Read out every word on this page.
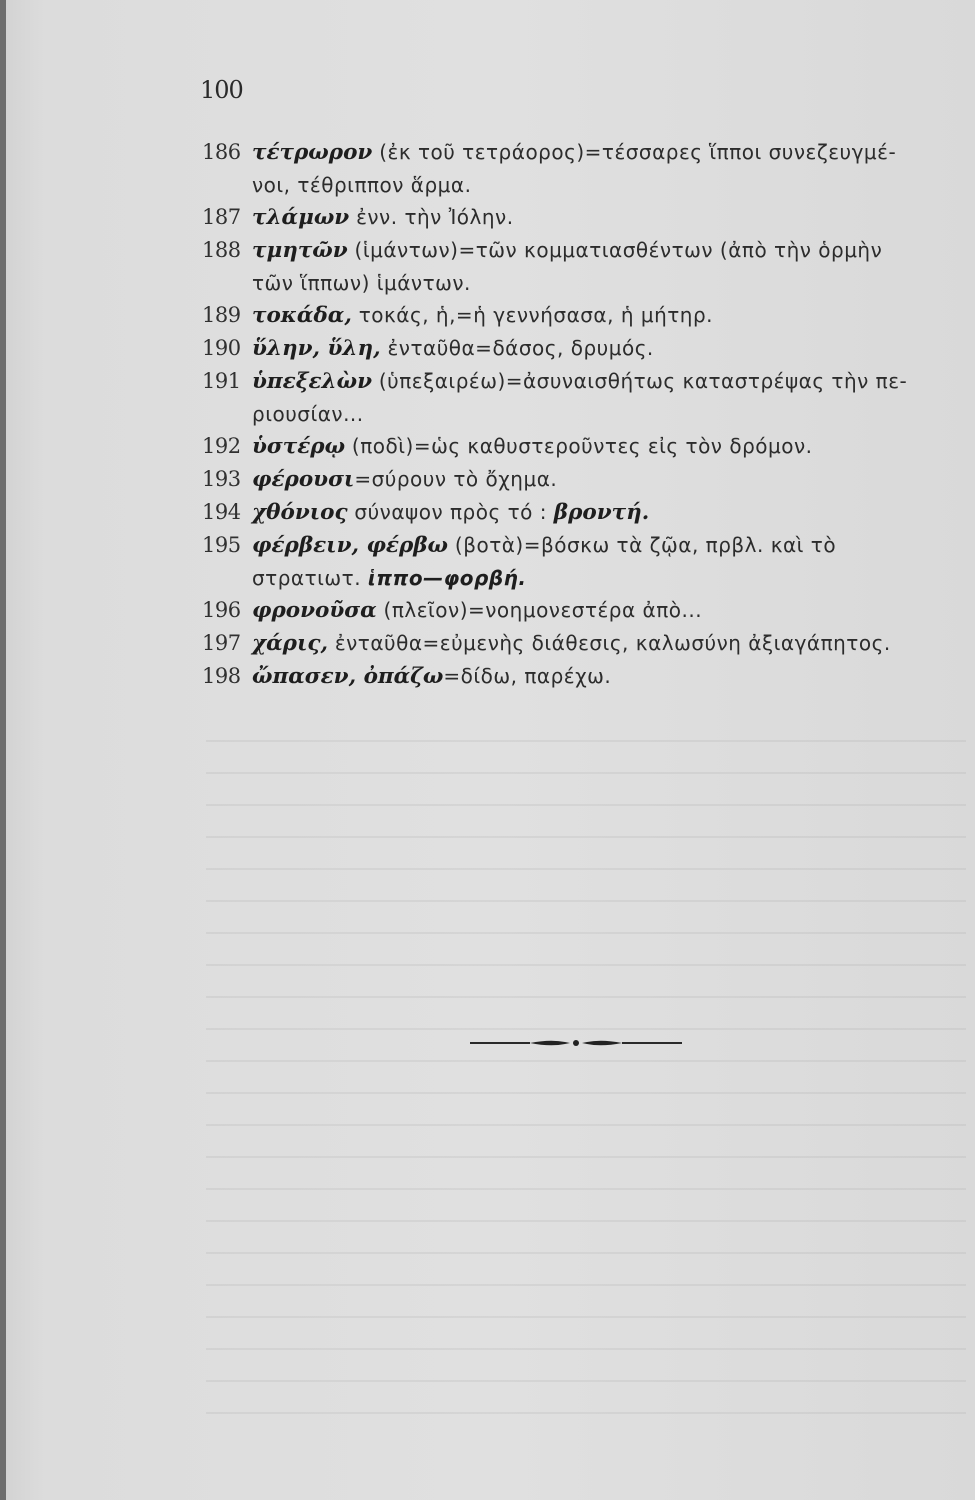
100
186 τέτρωρον (ἐκ τοῦ τετράορος)=τέσσαρες ἵπποι συνεζευγμέ-
νοι, τέθριππον ἅρμα.
187 τλάμων ἐνν. τὴν Ἰόλην.
188 τμητῶν (ἱμάντων)=τῶν κομματιασθέντων (ἀπὸ τὴν ὁρμὴν
τῶν ἵππων) ἱμάντων.
189 τοκάδα, τοκάς, ἡ,=ἡ γεννήσασα, ἡ μήτηρ.
190 ὕλην, ὕλη, ἐνταῦθα=δάσος, δρυμός.
191 ὑπεξελὼν (ὑπεξαιρέω)=ἀσυναισθήτως καταστρέψας τὴν πε-
ριουσίαν...
192 ὑστέρῳ (ποδὶ)=ὡς καθυστεροῦντες εἰς τὸν δρόμον.
193 φέρουσι=σύρουν τὸ ὄχημα.
194 χθόνιος σύναψον πρὸς τό : βροντή.
195 φέρβειν, φέρβω (βοτὰ)=βόσκω τὰ ζῷα, πρβλ. καὶ τὸ
στρατιωτ. ἱππο—φορβή.
196 φρονοῦσα (πλεῖον)=νοημονεστέρα ἀπὸ...
197 χάρις, ἐνταῦθα=εὐμενὴς διάθεσις, καλωσύνη ἀξιαγάπητος.
198 ὤπασεν, ὀπάζω=δίδω, παρέχω.
